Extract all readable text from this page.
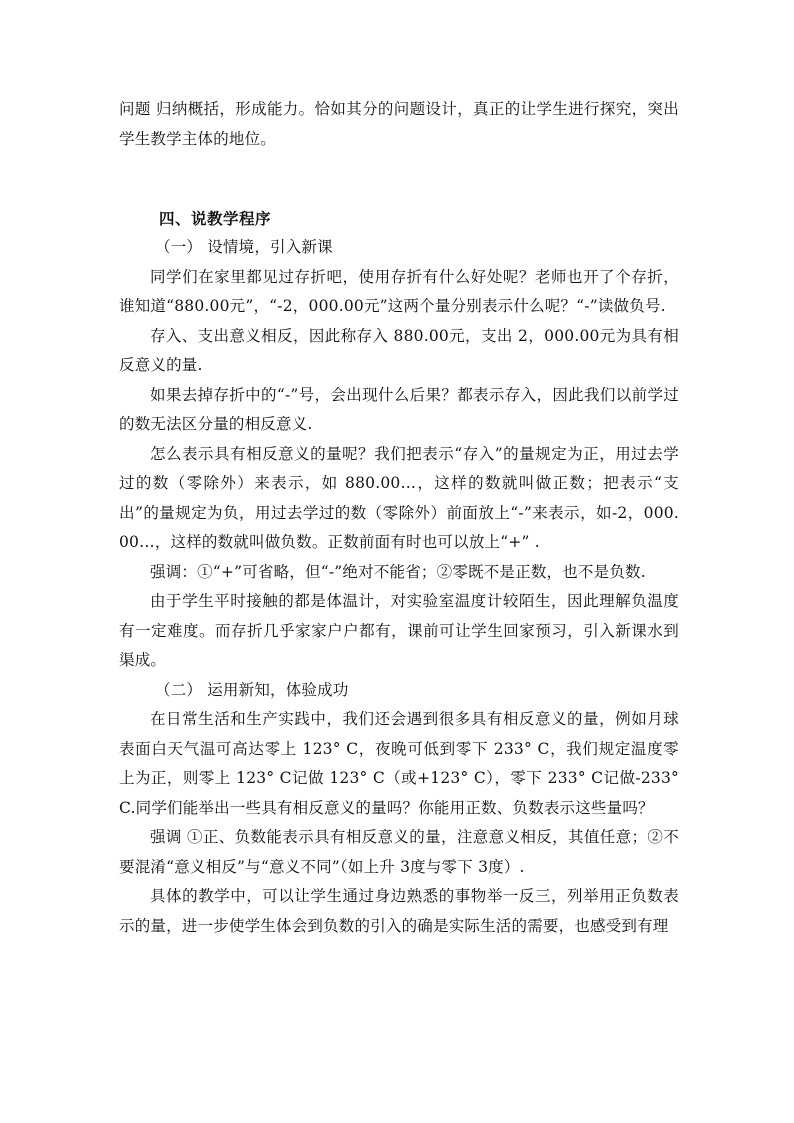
问题 归纳概括，形成能力。恰如其分的问题设计，真正的让学生进行探究，突出学生教学主体的地位。

四、说教学程序

（一） 设情境，引入新课

同学们在家里都见过存折吧，使用存折有什么好处呢？老师也开了个存折，谁知道“880.00元”，“-2，000.00元”这两个量分别表示什么呢？“-”读做负号.

存入、支出意义相反，因此称存入 880.00元，支出 2，000.00元为具有相反意义的量.

如果去掉存折中的“-”号，会出现什么后果？都表示存入，因此我们以前学过的数无法区分量的相反意义.

怎么表示具有相反意义的量呢？我们把表示“存入”的量规定为正，用过去学过的数（零除外）来表示，如 880.00…，这样的数就叫做正数；把表示“支出”的量规定为负，用过去学过的数（零除外）前面放上“-”来表示，如-2，000.00…，这样的数就叫做负数。正数前面有时也可以放上“+” .

强调：①“+”可省略，但“-”绝对不能省；②零既不是正数，也不是负数.

由于学生平时接触的都是体温计，对实验室温度计较陌生，因此理解负温度有一定难度。而存折几乎家家户户都有，课前可让学生回家预习，引入新课水到渠成。

（二） 运用新知，体验成功

在日常生活和生产实践中，我们还会遇到很多具有相反意义的量，例如月球表面白天气温可高达零上 123° C，夜晚可低到零下 233° C，我们规定温度零上为正，则零上 123° C记做 123° C（或+123° C），零下 233° C记做-233° C.同学们能举出一些具有相反意义的量吗？你能用正数、负数表示这些量吗？

强调 ①正、负数能表示具有相反意义的量，注意意义相反，其值任意；②不要混淆“意义相反”与“意义不同”（如上升 3度与零下 3度）.

具体的教学中，可以让学生通过身边熟悉的事物举一反三，列举用正负数表示的量，进一步使学生体会到负数的引入的确是实际生活的需要，也感受到有理
